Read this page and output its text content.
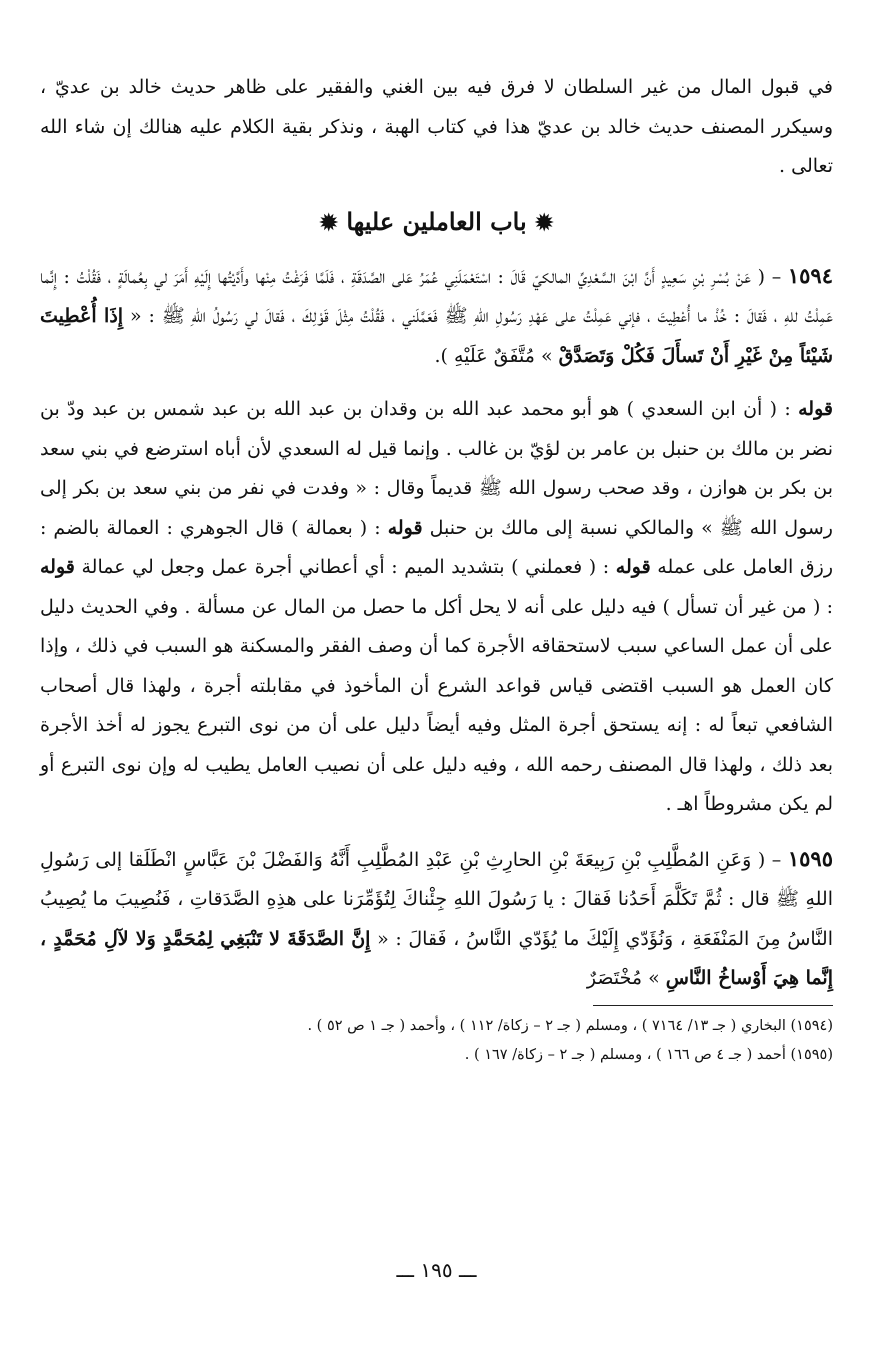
في قبول المال من غير السلطان لا فرق فيه بين الغني والفقير على ظاهر حديث خالد بن عديّ ، وسيكرر المصنف حديث خالد بن عديّ هذا في كتاب الهبة ، ونذكر بقية الكلام عليه هنالك إن شاء الله تعالى .

✹ باب العاملين عليها ✹

١٥٩٤ – ( عَنْ بُسْرِ بْنِ سَعِيدٍ أَنَّ ابْنَ السَّعْدِيِّ المالكيّ قَالَ : اسْتَعْمَلَنِي عُمَرُ عَلى الصَّدَقَةِ ، فَلَمَّا فَرَغْتُ مِنْها وأَدَّيْتُها إِلَيْهِ أَمَرَ لي بِعُمالَةٍ ، فَقُلْتُ : إِنَّما عَمِلْتُ للهِ ، فَقالَ : خُذْ ما أُعْطِيتَ ، فإني عَمِلْتُ على عَهْدِ رَسُولِ اللهِ ﷺ فَعَمَّلَني ، فَقُلْتُ مِثْلَ قَوْلِكَ ، فَقالَ لي رَسُولُ اللهِ ﷺ : « إِذَا أُعْطِيتَ شَيْئاً مِنْ غَيْرِ أَنْ تَسأَلَ فَكُلْ وَتَصَدَّقْ » مُتَّفَقٌ عَلَيْهِ ).

قوله : ( أن ابن السعدي ) هو أبو محمد عبد الله بن وقدان بن عبد الله بن عبد شمس بن عبد ودّ بن نضر بن مالك بن حنبل بن عامر بن لؤيّ بن غالب . وإنما قيل له السعدي لأن أباه استرضع في بني سعد بن بكر بن هوازن ، وقد صحب رسول الله ﷺ قديماً وقال : « وفدت في نفر من بني سعد بن بكر إلى رسول الله ﷺ » والمالكي نسبة إلى مالك بن حنبل قوله : ( بعمالة ) قال الجوهري : العمالة بالضم : رزق العامل على عمله قوله : ( فعملني ) بتشديد الميم : أي أعطاني أجرة عمل وجعل لي عمالة قوله : ( من غير أن تسأل ) فيه دليل على أنه لا يحل أكل ما حصل من المال عن مسألة . وفي الحديث دليل على أن عمل الساعي سبب لاستحقاقه الأجرة كما أن وصف الفقر والمسكنة هو السبب في ذلك ، وإذا كان العمل هو السبب اقتضى قياس قواعد الشرع أن المأخوذ في مقابلته أجرة ، ولهذا قال أصحاب الشافعي تبعاً له : إنه يستحق أجرة المثل وفيه أيضاً دليل على أن من نوى التبرع يجوز له أخذ الأجرة بعد ذلك ، ولهذا قال المصنف رحمه الله ، وفيه دليل على أن نصيب العامل يطيب له وإن نوى التبرع أو لم يكن مشروطاً اهـ .

١٥٩٥ – ( وَعَنِ المُطَّلِبِ بْنِ رَبِيعَةَ بْنِ الحارِثِ بْنِ عَبْدِ المُطَّلِبِ أَنَّهُ وَالفَضْلَ بْنَ عَبَّاسٍ انْطَلَقا إلى رَسُولِ اللهِ ﷺ قال : ثُمَّ تَكَلَّمَ أَحَدُنا فَقالَ : يا رَسُولَ اللهِ جِئْناكَ لِتُؤَمِّرَنا على هذِهِ الصَّدَقاتِ ، فَنُصِيبَ ما يُصِيبُ النَّاسُ مِنَ المَنْفَعَةِ ، وَنُؤَدّي إِلَيْكَ ما يُؤَدّي النَّاسُ ، فَقالَ : « إِنَّ الصَّدَقَةَ لا تَنْبَغِي لِمُحَمَّدٍ وَلا لآلِ مُحَمَّدٍ ، إِنَّما هِيَ أَوْساخُ النَّاسِ » مُخْتَصَرٌ

(١٥٩٤) البخاري ( جـ ١٣/ ٧١٦٤ ) ، ومسلم ( جـ ٢ – زكاة/ ١١٢ ) ، وأحمد ( جـ ١ ص ٥٢ ) .

(١٥٩٥) أحمد ( جـ ٤ ص ١٦٦ ) ، ومسلم ( جـ ٢ – زكاة/ ١٦٧ ) .

ـــ ١٩٥ ـــ
